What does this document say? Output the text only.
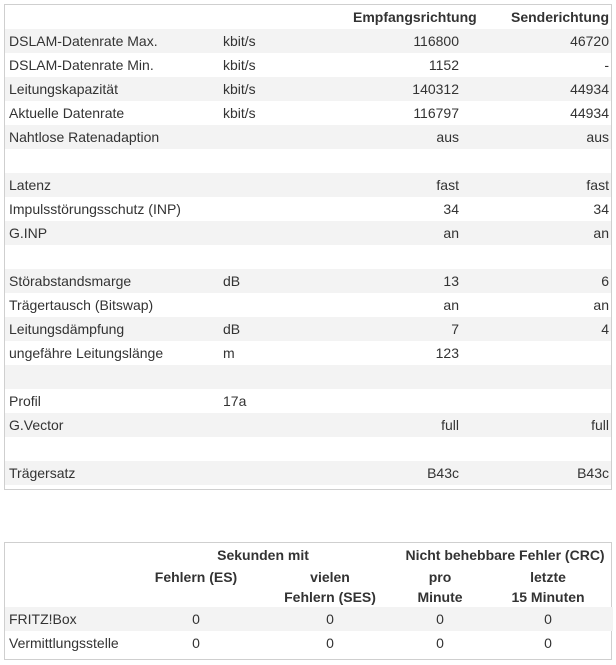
		Empfangsrichtung	Senderichtung
DSLAM-Datenrate Max.	kbit/s	116800	46720
DSLAM-Datenrate Min.	kbit/s	1152	-
Leitungskapazität	kbit/s	140312	44934
Aktuelle Datenrate	kbit/s	116797	44934
Nahtlose Ratenadaption		aus	aus

Latenz		fast	fast
Impulsstörungsschutz (INP)		34	34
G.INP		an	an

Störabstandsmarge	dB	13	6
Trägertausch (Bitswap)		an	an
Leitungsdämpfung	dB	7	4
ungefähre Leitungslänge	m	123	

Profil	17a		
G.Vector		full	full

Trägersatz		B43c	B43c
	Sekunden mit		Nicht behebbare Fehler (CRC)	
	Fehlern (ES)	vielen	pro	letzte
		Fehlern (SES)	Minute	15 Minuten
FRITZ!Box	0	0	0	0
Vermittlungsstelle	0	0	0	0
